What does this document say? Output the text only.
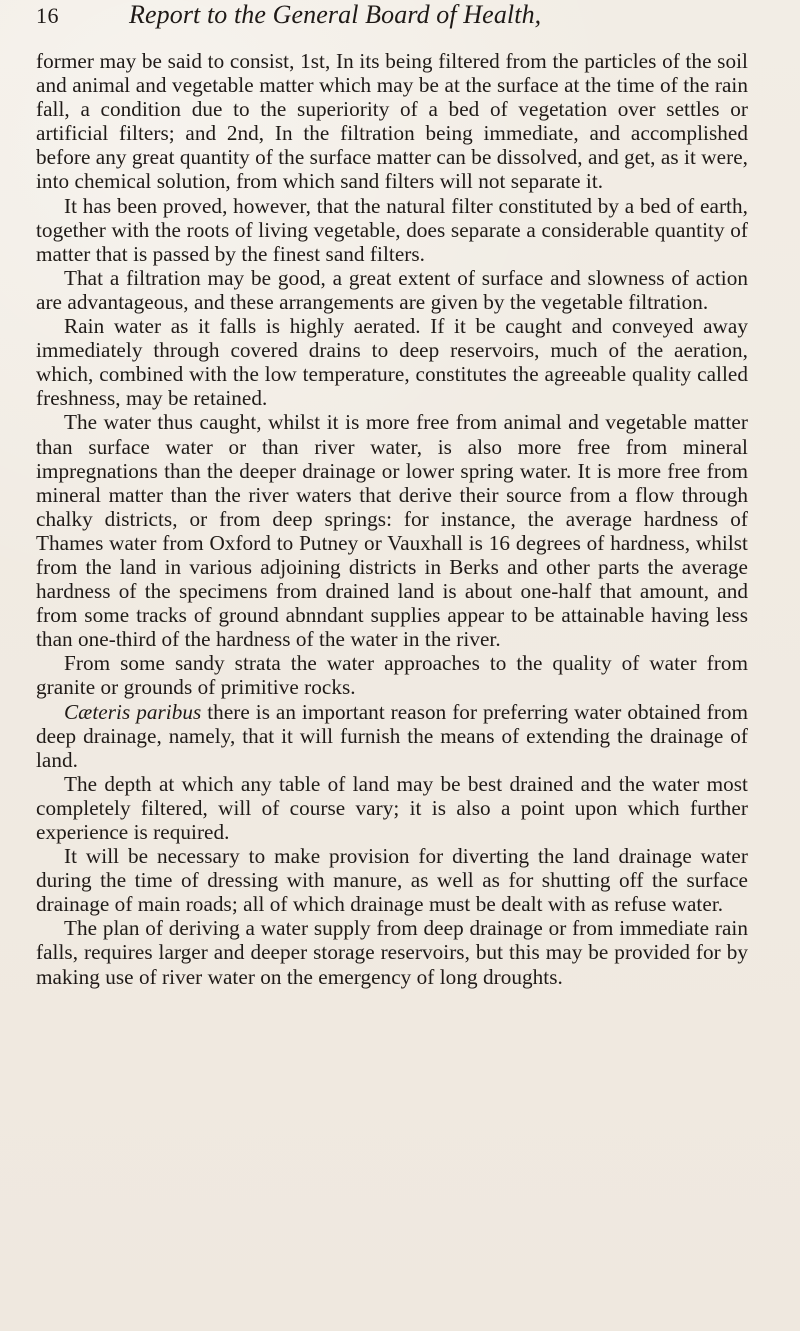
16	Report to the General Board of Health,

former may be said to consist, 1st, In its being filtered from the particles of the soil and animal and vegetable matter which may be at the surface at the time of the rain fall, a condition due to the superiority of a bed of vegetation over settles or artificial filters; and 2nd, In the filtration being immediate, and accomplished before any great quantity of the surface matter can be dissolved, and get, as it were, into chemical solution, from which sand filters will not separate it.

It has been proved, however, that the natural filter constituted by a bed of earth, together with the roots of living vegetable, does separate a considerable quantity of matter that is passed by the finest sand filters.

That a filtration may be good, a great extent of surface and slowness of action are advantageous, and these arrangements are given by the vegetable filtration.

Rain water as it falls is highly aerated. If it be caught and conveyed away immediately through covered drains to deep reservoirs, much of the aeration, which, combined with the low temperature, constitutes the agreeable quality called freshness, may be retained.

The water thus caught, whilst it is more free from animal and vegetable matter than surface water or than river water, is also more free from mineral impregnations than the deeper drainage or lower spring water. It is more free from mineral matter than the river waters that derive their source from a flow through chalky districts, or from deep springs: for instance, the average hardness of Thames water from Oxford to Putney or Vauxhall is 16 degrees of hardness, whilst from the land in various adjoining districts in Berks and other parts the average hardness of the specimens from drained land is about one-half that amount, and from some tracks of ground abnndant supplies appear to be attainable having less than one-third of the hardness of the water in the river.

From some sandy strata the water approaches to the quality of water from granite or grounds of primitive rocks.

Cæteris paribus there is an important reason for preferring water obtained from deep drainage, namely, that it will furnish the means of extending the drainage of land.

The depth at which any table of land may be best drained and the water most completely filtered, will of course vary; it is also a point upon which further experience is required.

It will be necessary to make provision for diverting the land drainage water during the time of dressing with manure, as well as for shutting off the surface drainage of main roads; all of which drainage must be dealt with as refuse water.

The plan of deriving a water supply from deep drainage or from immediate rain falls, requires larger and deeper storage reservoirs, but this may be provided for by making use of river water on the emergency of long droughts.
